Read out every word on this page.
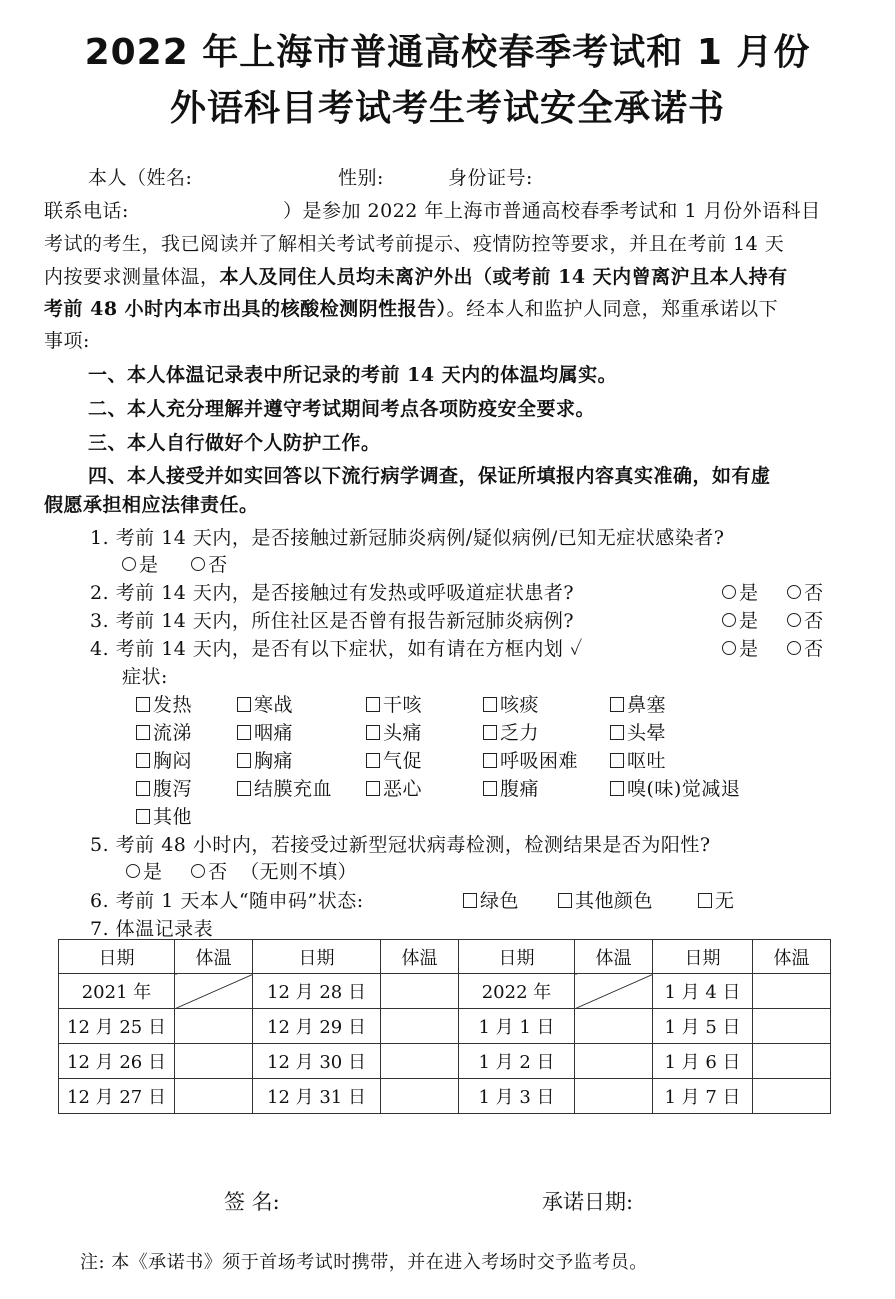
2022 年上海市普通高校春季考试和 1 月份
外语科目考试考生考试安全承诺书
本人（姓名:	性别:	身份证号:
联系电话:	）是参加 2022 年上海市普通高校春季考试和 1 月份外语科目
考试的考生，我已阅读并了解相关考试考前提示、疫情防控等要求，并且在考前 14 天
内按要求测量体温，本人及同住人员均未离沪外出（或考前 14 天内曾离沪且本人持有
考前 48 小时内本市出具的核酸检测阴性报告）。经本人和监护人同意，郑重承诺以下
事项:
一、本人体温记录表中所记录的考前 14 天内的体温均属实。
二、本人充分理解并遵守考试期间考点各项防疫安全要求。
三、本人自行做好个人防护工作。
四、本人接受并如实回答以下流行病学调查，保证所填报内容真实准确，如有虚
假愿承担相应法律责任。
1. 考前 14 天内，是否接触过新冠肺炎病例/疑似病例/已知无症状感染者?
是	否
2. 考前 14 天内，是否接触过有发热或呼吸道症状患者?	是 否
3. 考前 14 天内，所住社区是否曾有报告新冠肺炎病例?	是 否
4. 考前 14 天内，是否有以下症状，如有请在方框内划 ✓	是 否
症状:
发热	寒战	干咳	咳痰	鼻塞
流涕	咽痛	头痛	乏力	头晕
胸闷	胸痛	气促	呼吸困难	呕吐
腹泻	结膜充血	恶心	腹痛	嗅(味)觉减退
其他
5. 考前 48 小时内，若接受过新型冠状病毒检测，检测结果是否为阳性?
是 否 （无则不填）
6. 考前 1 天本人“随申码”状态:	绿色	其他颜色	无
7. 体温记录表
日期	体温	日期	体温	日期	体温	日期	体温
2021 年		12 月 28 日		2022 年		1 月 4 日	
12 月 25 日		12 月 29 日		1 月 1 日		1 月 5 日	
12 月 26 日		12 月 30 日		1 月 2 日		1 月 6 日	
12 月 27 日		12 月 31 日		1 月 3 日		1 月 7 日	
签 名:	承诺日期:
注: 本《承诺书》须于首场考试时携带，并在进入考场时交予监考员。
